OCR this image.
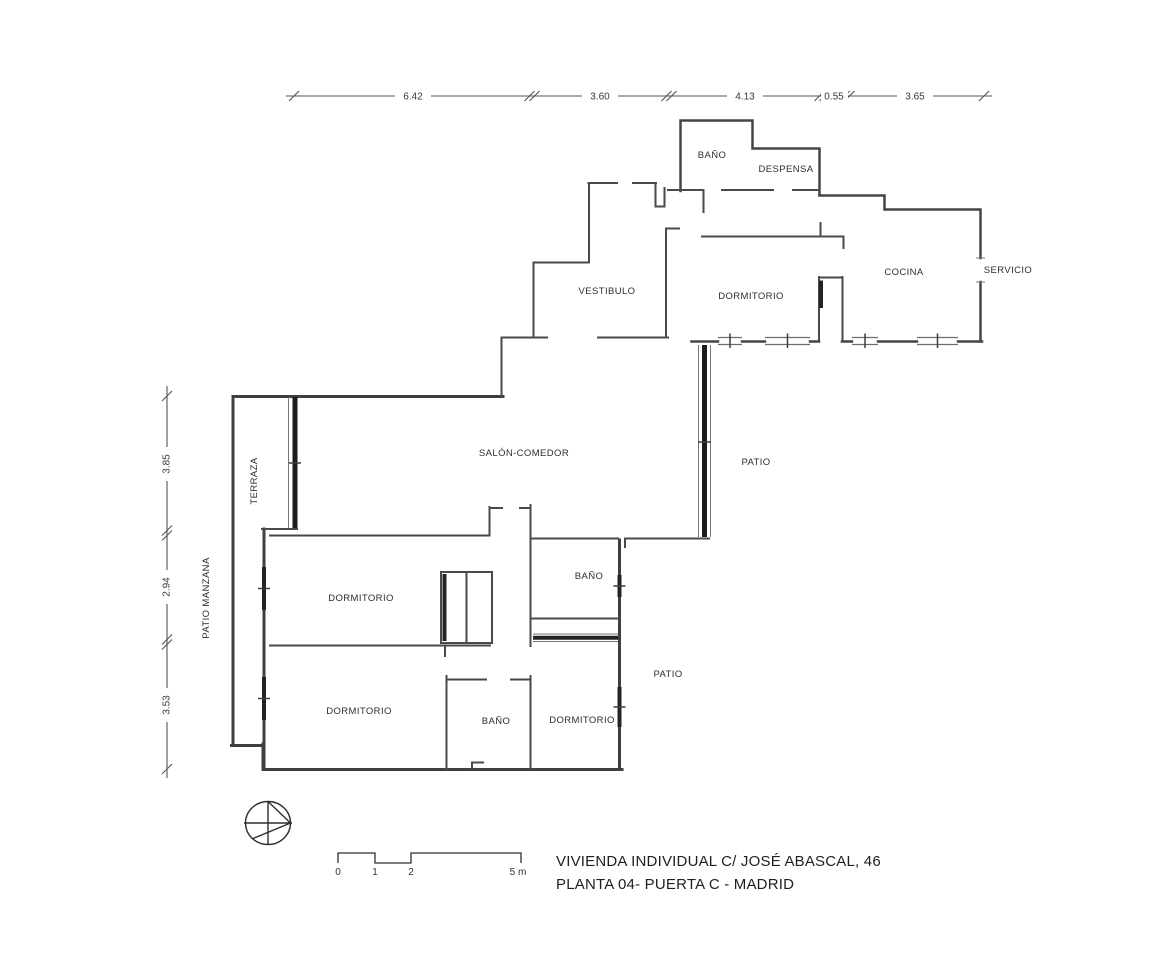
6.42	3.60	4.13	0.55	3.65
3.85
2.94
3.53
BAÑO
DESPENSA
VESTIBULO	DORMITORIO
COCINA	SERVICIO
SALÓN-COMEDOR
PATIO
TERRAZA
PATIO MANZANA	DORMITORIO
BAÑO
DORMITORIO
BAÑO	DORMITORIO
PATIO
0	1	2	5 m
VIVIENDA INDIVIDUAL C/ JOSÉ ABASCAL, 46
PLANTA 04- PUERTA C - MADRID
